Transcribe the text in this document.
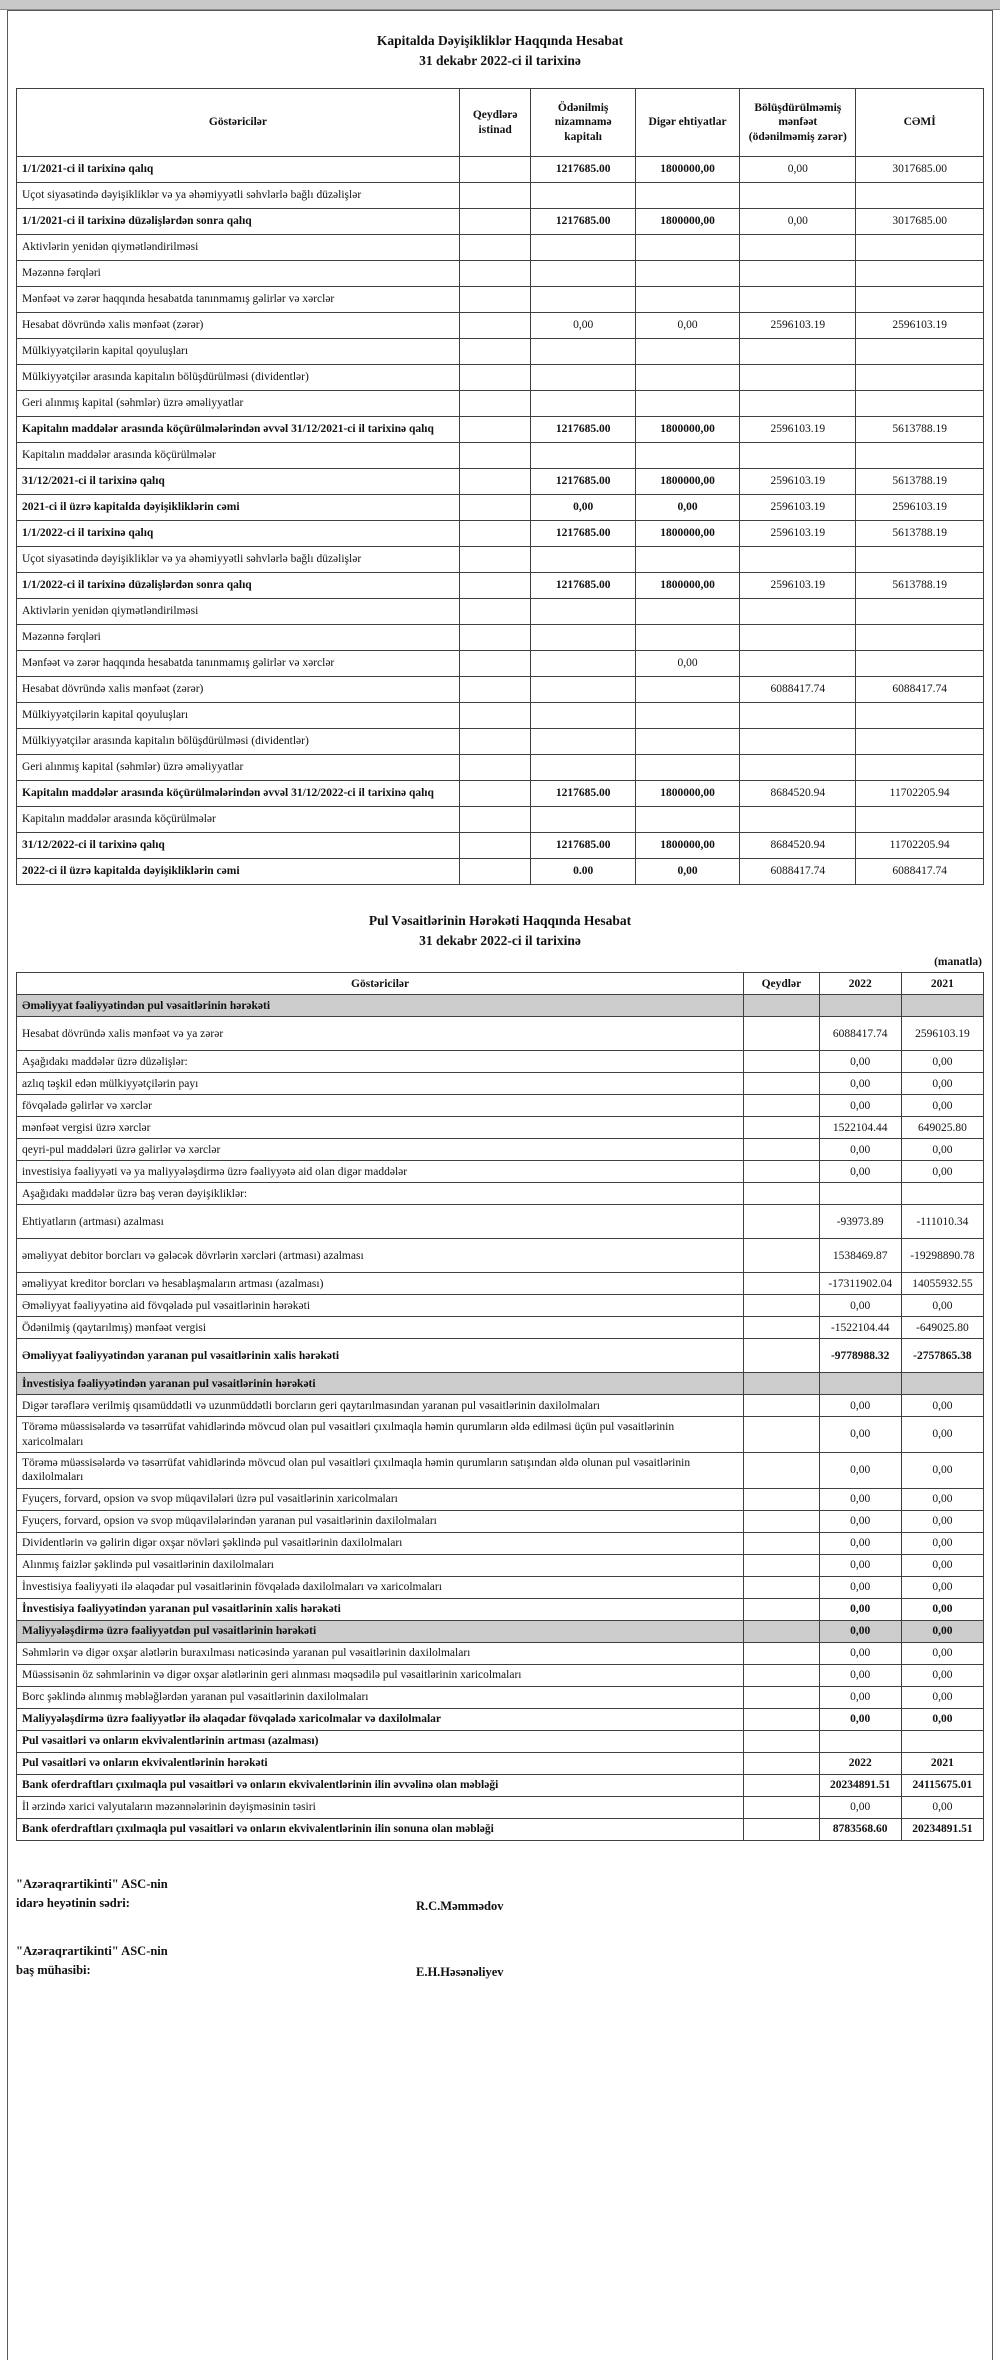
Kapitalda Dəyişikliklər Haqqında Hesabat
31 dekabr 2022-ci il tarixinə
Göstəricilər	Qeydlərə istinad	Ödənilmiş nizamnamə kapitalı	Digər ehtiyatlar	Bölüşdürülməmiş mənfəət (ödənilməmiş zərər)	CƏMİ
1/1/2021-ci il tarixinə qalıq		1217685.00	1800000,00	0,00	3017685.00
Uçot siyasətində dəyişikliklər və ya əhəmiyyətli səhvlərlə bağlı düzəlişlər					
1/1/2021-ci il tarixinə düzəlişlərdən sonra qalıq		1217685.00	1800000,00	0,00	3017685.00
Aktivlərin yenidən qiymətləndirilməsi					
Məzənnə fərqləri					
Mənfəət və zərər haqqında hesabatda tanınmamış gəlirlər və xərclər					
Hesabat dövründə xalis mənfəət (zərər)		0,00	0,00	2596103.19	2596103.19
Mülkiyyətçilərin kapital qoyuluşları					
Mülkiyyətçilər arasında kapitalın bölüşdürülməsi (dividentlər)					
Geri alınmış kapital (səhmlər) üzrə əməliyyatlar					
Kapitalın maddələr arasında köçürülmələrindən əvvəl 31/12/2021-ci il tarixinə qalıq		1217685.00	1800000,00	2596103.19	5613788.19
Kapitalın maddələr arasında köçürülmələr					
31/12/2021-ci il tarixinə qalıq		1217685.00	1800000,00	2596103.19	5613788.19
2021-ci il üzrə kapitalda dəyişikliklərin cəmi		0,00	0,00	2596103.19	2596103.19
1/1/2022-ci il tarixinə qalıq		1217685.00	1800000,00	2596103.19	5613788.19
Uçot siyasətində dəyişikliklər və ya əhəmiyyətli səhvlərlə bağlı düzəlişlər					
1/1/2022-ci il tarixinə düzəlişlərdən sonra qalıq		1217685.00	1800000,00	2596103.19	5613788.19
Aktivlərin yenidən qiymətləndirilməsi					
Məzənnə fərqləri					
Mənfəət və zərər haqqında hesabatda tanınmamış gəlirlər və xərclər			0,00		
Hesabat dövründə xalis mənfəət (zərər)				6088417.74	6088417.74
Mülkiyyətçilərin kapital qoyuluşları					
Mülkiyyətçilər arasında kapitalın bölüşdürülməsi (dividentlər)					
Geri alınmış kapital (səhmlər) üzrə əməliyyatlar					
Kapitalın maddələr arasında köçürülmələrindən əvvəl 31/12/2022-ci il tarixinə qalıq		1217685.00	1800000,00	8684520.94	11702205.94
Kapitalın maddələr arasında köçürülmələr					
31/12/2022-ci il tarixinə qalıq		1217685.00	1800000,00	8684520.94	11702205.94
2022-ci il üzrə kapitalda dəyişikliklərin cəmi		0.00	0,00	6088417.74	6088417.74
Pul Vəsaitlərinin Hərəkəti Haqqında Hesabat
31 dekabr 2022-ci il tarixinə
(manatla)
Göstəricilər	Qeydlər	2022	2021
Əməliyyat fəaliyyətindən pul vəsaitlərinin hərəkəti			
Hesabat dövründə xalis mənfəət və ya zərər		6088417.74	2596103.19
Aşağıdakı maddələr üzrə düzəlişlər:		0,00	0,00
azlıq təşkil edən mülkiyyətçilərin payı		0,00	0,00
fövqəladə gəlirlər və xərclər		0,00	0,00
mənfəət vergisi üzrə xərclər		1522104.44	649025.80
qeyri-pul maddələri üzrə gəlirlər və xərclər		0,00	0,00
investisiya fəaliyyəti və ya maliyyələşdirmə üzrə fəaliyyətə aid olan digər maddələr		0,00	0,00
Aşağıdakı maddələr üzrə baş verən dəyişikliklər:			
Ehtiyatların (artması) azalması		-93973.89	-111010.34
əməliyyat debitor borcları və gələcək dövrlərin xərcləri (artması) azalması		1538469.87	-19298890.78
əməliyyat kreditor borcları və hesablaşmaların artması (azalması)		-17311902.04	14055932.55
Əməliyyat fəaliyyətinə aid fövqəladə pul vəsaitlərinin hərəkəti		0,00	0,00
Ödənilmiş (qaytarılmış) mənfəət vergisi		-1522104.44	-649025.80
Əməliyyat fəaliyyətindən yaranan pul vəsaitlərinin xalis hərəkəti		-9778988.32	-2757865.38
İnvestisiya fəaliyyətindən yaranan pul vəsaitlərinin hərəkəti			
Digər tərəflərə verilmiş qısamüddətli və uzunmüddətli borcların geri qaytarılmasından yaranan pul vəsaitlərinin daxilolmaları		0,00	0,00
Törəmə müəssisələrdə və təsərrüfat vahidlərində mövcud olan pul vəsaitləri çıxılmaqla həmin qurumların əldə edilməsi üçün pul vəsaitlərinin xaricolmaları		0,00	0,00
Törəmə müəssisələrdə və təsərrüfat vahidlərində mövcud olan pul vəsaitləri çıxılmaqla həmin qurumların satışından əldə olunan pul vəsaitlərinin daxilolmaları		0,00	0,00
Fyuçers, forvard, opsion və svop müqavilələri üzrə pul vəsaitlərinin xaricolmaları		0,00	0,00
Fyuçers, forvard, opsion və svop müqavilələrindən yaranan pul vəsaitlərinin daxilolmaları		0,00	0,00
Dividentlərin və gəlirin digər oxşar növləri şəklində pul vəsaitlərinin daxilolmaları		0,00	0,00
Alınmış faizlər şəklində pul vəsaitlərinin daxilolmaları		0,00	0,00
İnvestisiya fəaliyyəti ilə əlaqədar pul vəsaitlərinin fövqəladə daxilolmaları və xaricolmaları		0,00	0,00
İnvestisiya fəaliyyətindən yaranan pul vəsaitlərinin xalis hərəkəti		0,00	0,00
Maliyyələşdirmə üzrə fəaliyyətdən pul vəsaitlərinin hərəkəti		0,00	0,00
Səhmlərin və digər oxşar alətlərin buraxılması nəticəsində yaranan pul vəsaitlərinin daxilolmaları		0,00	0,00
Müəssisənin öz səhmlərinin və digər oxşar alətlərinin geri alınması məqsədilə pul vəsaitlərinin xaricolmaları		0,00	0,00
Borc şəklində alınmış məbləğlərdən yaranan pul vəsaitlərinin daxilolmaları		0,00	0,00
Maliyyələşdirmə üzrə fəaliyyətlər ilə əlaqədar fövqəladə xaricolmalar və daxilolmalar		0,00	0,00
Pul vəsaitləri və onların ekvivalentlərinin artması (azalması)			
Pul vəsaitləri və onların ekvivalentlərinin hərəkəti		2022	2021
Bank oferdraftları çıxılmaqla pul vəsaitləri və onların ekvivalentlərinin ilin əvvəlinə olan məbləği		20234891.51	24115675.01
İl ərzində xarici valyutaların məzənnələrinin dəyişməsinin təsiri		0,00	0,00
Bank oferdraftları çıxılmaqla pul vəsaitləri və onların ekvivalentlərinin ilin sonuna olan məbləği		8783568.60	20234891.51
"Azəraqrartikinti" ASC-nin
idarə heyətinin sədri:	R.C.Məmmədov
"Azəraqrartikinti" ASC-nin
baş mühasibi:	E.H.Həsənəliyev
